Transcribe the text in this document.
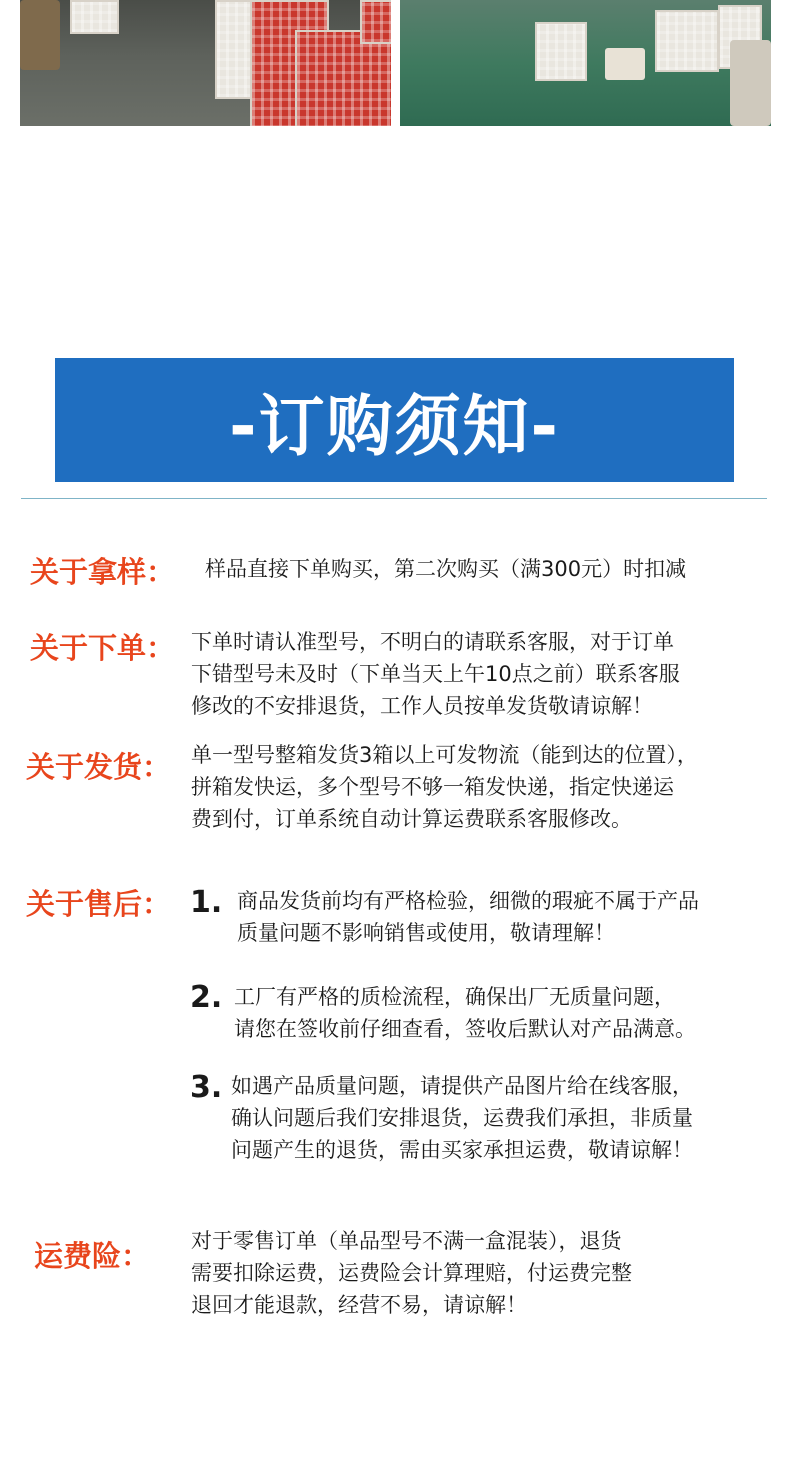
-订购须知-
关于拿样： 样品直接下单购买，第二次购买（满300元）时扣减
关于下单： 下单时请认准型号，不明白的请联系客服，对于订单
下错型号未及时（下单当天上午10点之前）联系客服
修改的不安排退货，工作人员按单发货敬请谅解！
关于发货： 单一型号整箱发货3箱以上可发物流（能到达的位置），
拼箱发快运，多个型号不够一箱发快递，指定快递运
费到付，订单系统自动计算运费联系客服修改。
关于售后： 1. 商品发货前均有严格检验，细微的瑕疵不属于产品
质量问题不影响销售或使用，敬请理解！
2. 工厂有严格的质检流程，确保出厂无质量问题，
请您在签收前仔细查看，签收后默认对产品满意。
3. 如遇产品质量问题，请提供产品图片给在线客服，
确认问题后我们安排退货，运费我们承担，非质量
问题产生的退货，需由买家承担运费，敬请谅解！
运费险： 对于零售订单（单品型号不满一盒混装），退货
需要扣除运费，运费险会计算理赔，付运费完整
退回才能退款，经营不易，请谅解！
